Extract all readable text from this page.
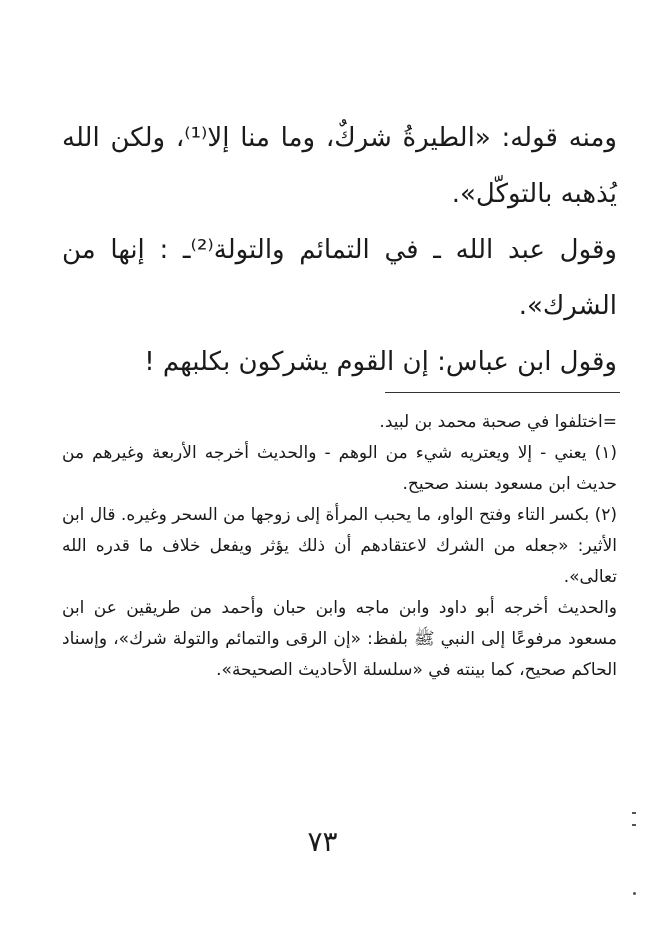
ومنه قوله: «الطيرةُ شركٌ، وما منا إلا⁽¹⁾، ولكن الله يُذهبه بالتوكّل».

وقول عبد الله ـ في التمائم والتولة⁽²⁾ـ : إنها من الشرك».

وقول ابن عباس: إن القوم يشركون بكلبهم !

=اختلفوا في صحبة محمد بن لبيد.

(١) يعني - إلا ويعتريه شيء من الوهم - والحديث أخرجه الأربعة وغيرهم من حديث ابن مسعود بسند صحيح.

(٢) بكسر التاء وفتح الواو، ما يحبب المرأة إلى زوجها من السحر وغيره. قال ابن الأثير: «جعله من الشرك لاعتقادهم أن ذلك يؤثر ويفعل خلاف ما قدره الله تعالى».

والحديث أخرجه أبو داود وابن ماجه وابن حبان وأحمد من طريقين عن ابن مسعود مرفوعًا إلى النبي ﷺ بلفظ: «إن الرقى والتمائم والتولة شرك»، وإسناد الحاكم صحيح، كما بينته في «سلسلة الأحاديث الصحيحة».

٧٣
